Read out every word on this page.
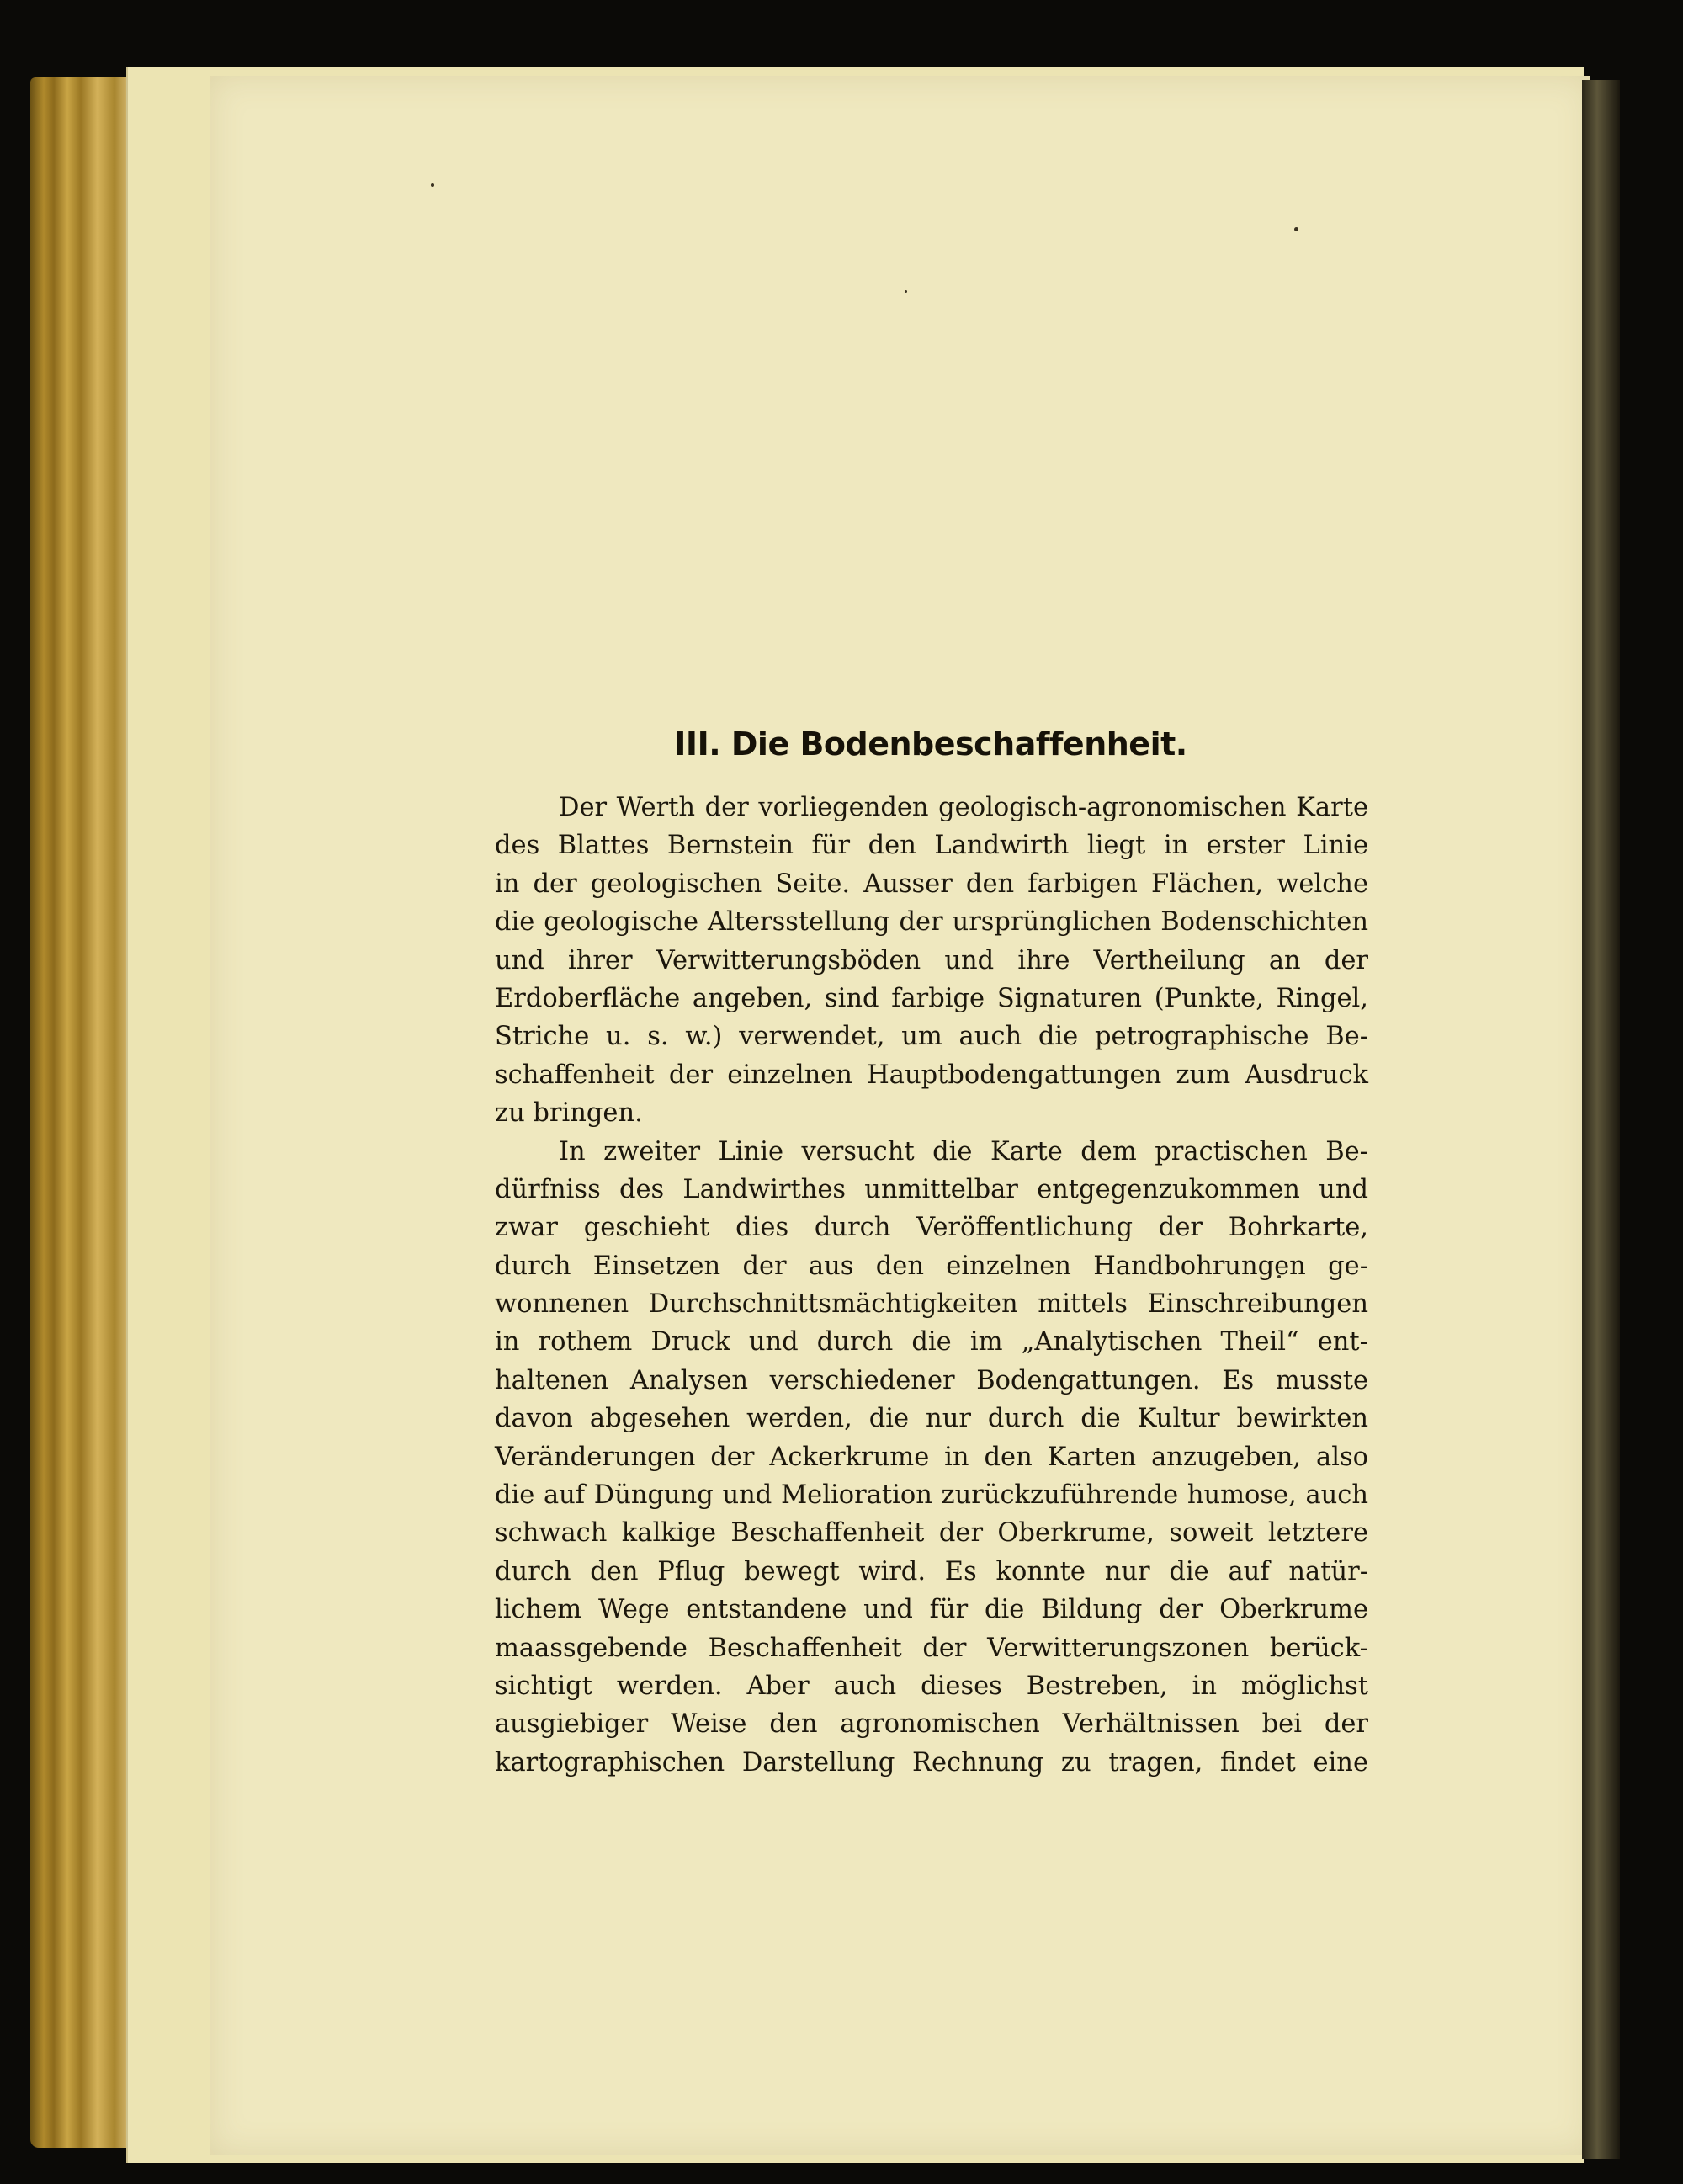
III. Die Bodenbeschaffenheit.
Der Werth der vorliegenden geologisch-agronomischen Karte
des Blattes Bernstein für den Landwirth liegt in erster Linie
in der geologischen Seite. Ausser den farbigen Flächen, welche
die geologische Altersstellung der ursprünglichen Bodenschichten
und ihrer Verwitterungsböden und ihre Vertheilung an der
Erdoberfläche angeben, sind farbige Signaturen (Punkte, Ringel,
Striche u. s. w.) verwendet, um auch die petrographische Be-
schaffenheit der einzelnen Hauptbodengattungen zum Ausdruck
zu bringen.
In zweiter Linie versucht die Karte dem practischen Be-
dürfniss des Landwirthes unmittelbar entgegenzukommen und
zwar geschieht dies durch Veröffentlichung der Bohrkarte,
durch Einsetzen der aus den einzelnen Handbohrungen ge-
wonnenen Durchschnittsmächtigkeiten mittels Einschreibungen
in rothem Druck und durch die im „Analytischen Theil“ ent-
haltenen Analysen verschiedener Bodengattungen. Es musste
davon abgesehen werden, die nur durch die Kultur bewirkten
Veränderungen der Ackerkrume in den Karten anzugeben, also
die auf Düngung und Melioration zurückzuführende humose, auch
schwach kalkige Beschaffenheit der Oberkrume, soweit letztere
durch den Pflug bewegt wird. Es konnte nur die auf natür-
lichem Wege entstandene und für die Bildung der Oberkrume
maassgebende Beschaffenheit der Verwitterungszonen berück-
sichtigt werden. Aber auch dieses Bestreben, in möglichst
ausgiebiger Weise den agronomischen Verhältnissen bei der
kartographischen Darstellung Rechnung zu tragen, findet eine
